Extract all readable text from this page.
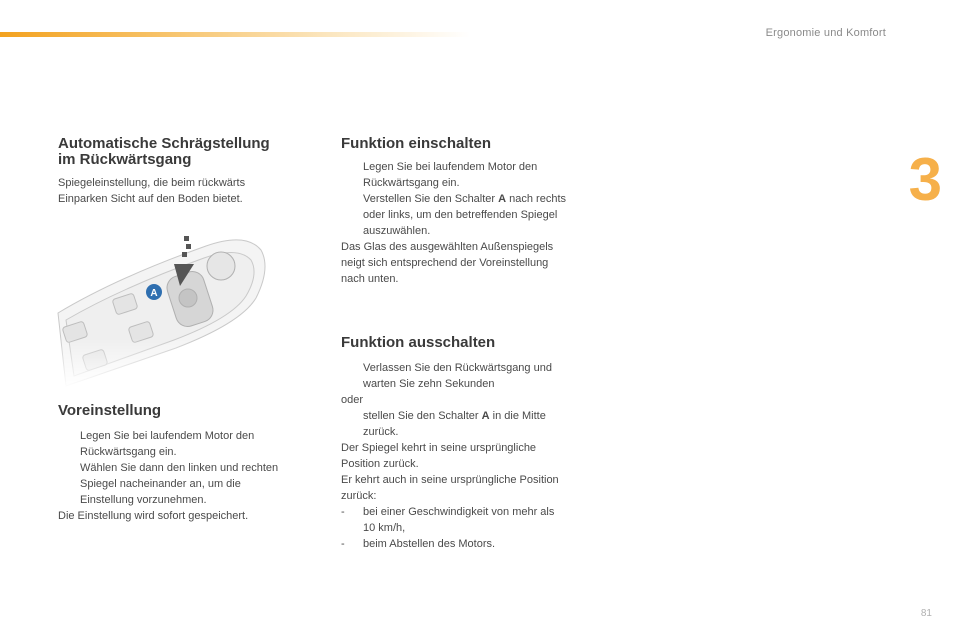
Ergonomie und Komfort
3
Automatische Schrägstellung
im Rückwärtsgang

Spiegeleinstellung, die beim rückwärts
Einparken Sicht auf den Boden bietet.

A
Voreinstellung
Legen Sie bei laufendem Motor den
Rückwärtsgang ein.
Wählen Sie dann den linken und rechten
Spiegel nacheinander an, um die
Einstellung vorzunehmen.

Die Einstellung wird sofort gespeichert.

Funktion einschalten
Legen Sie bei laufendem Motor den
Rückwärtsgang ein.
Verstellen Sie den Schalter A nach rechts
oder links, um den betreffenden Spiegel
auszuwählen.

Das Glas des ausgewählten Außenspiegels
neigt sich entsprechend der Voreinstellung
nach unten.

Funktion ausschalten
Verlassen Sie den Rückwärtsgang und
warten Sie zehn Sekunden

oder

stellen Sie den Schalter A in die Mitte
zurück.

Der Spiegel kehrt in seine ursprüngliche
Position zurück.
Er kehrt auch in seine ursprüngliche Position
zurück:

- bei einer Geschwindigkeit von mehr als
10 km/h,
- beim Abstellen des Motors.
81
